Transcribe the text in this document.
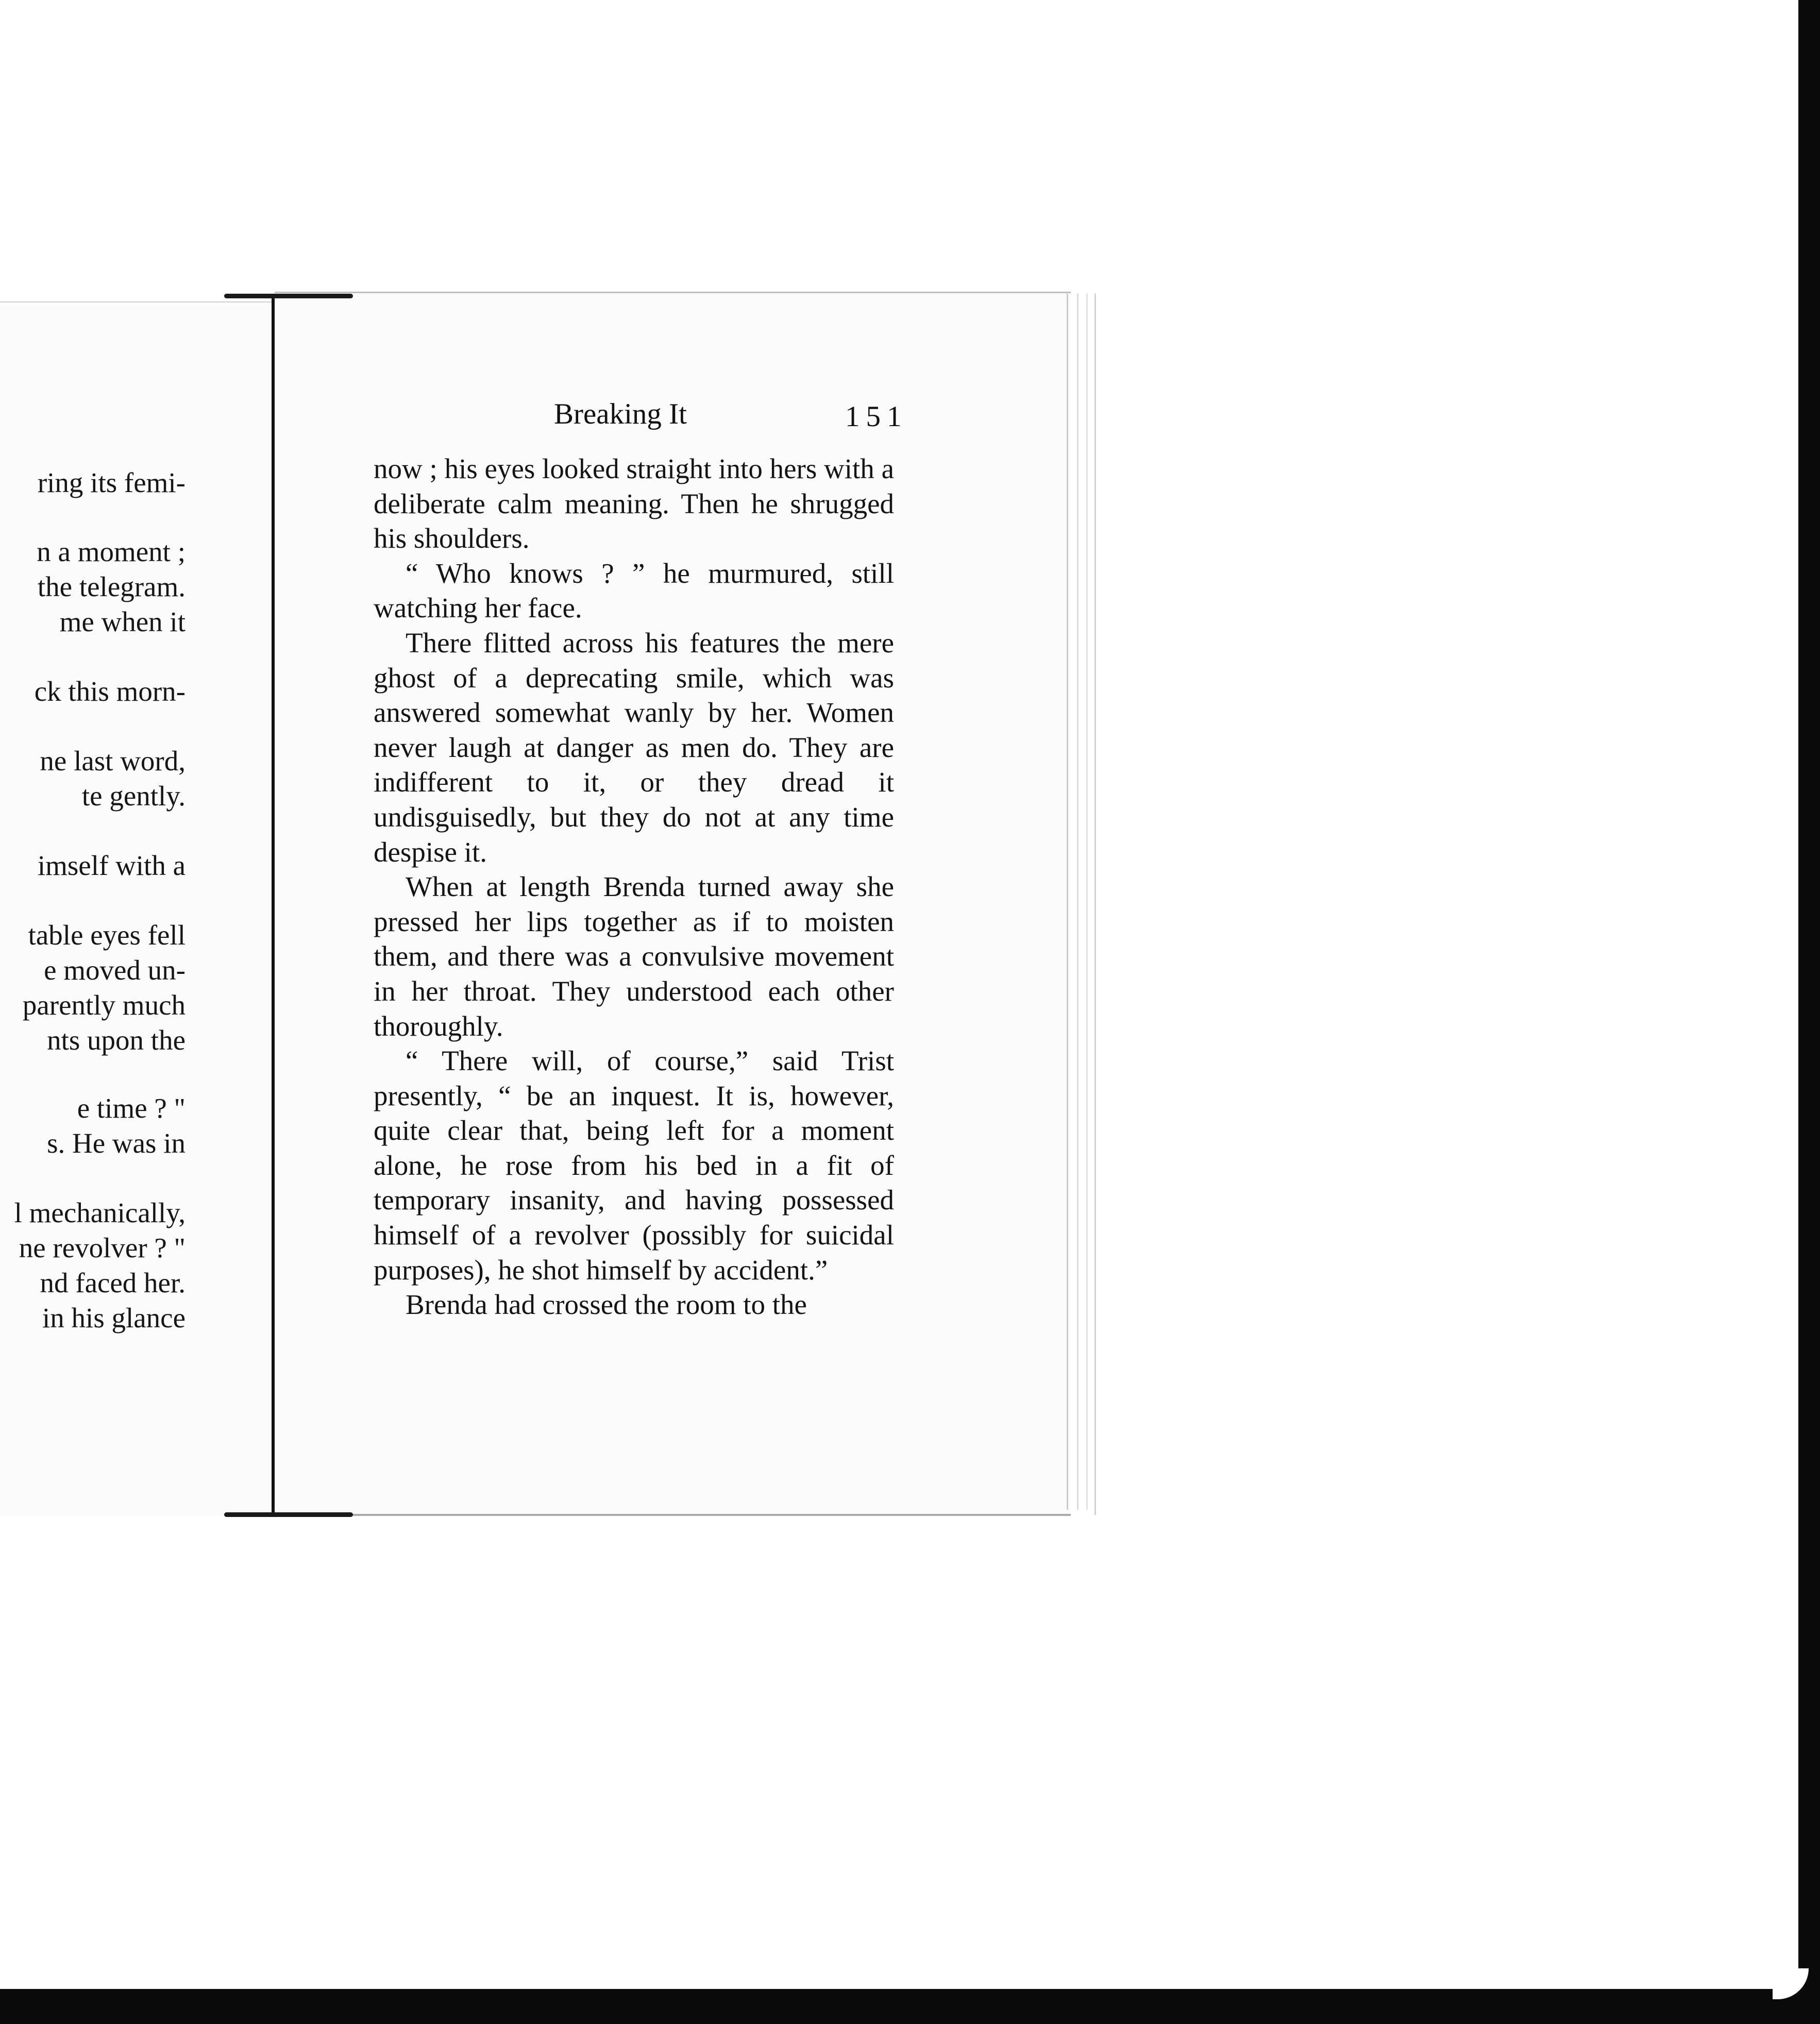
ring its femi-
n a moment ;
the telegram.
me when it
ck this morn-
ne last word,
te gently.
imself with a
table eyes fell
e moved un-
parently much
nts upon the
e time ? "
s. He was in
l mechanically,
ne revolver ? "
nd faced her.
in his glance
Breaking It	151

now ; his eyes looked straight into hers with a deliberate calm meaning. Then he shrugged his shoulders.

“ Who knows ? ” he murmured, still watching her face.

There flitted across his features the mere ghost of a deprecating smile, which was answered somewhat wanly by her. Women never laugh at danger as men do. They are indifferent to it, or they dread it undisguisedly, but they do not at any time despise it.

When at length Brenda turned away she pressed her lips together as if to moisten them, and there was a convulsive movement in her throat. They understood each other thoroughly.

“ There will, of course,” said Trist presently, “ be an inquest. It is, however, quite clear that, being left for a moment alone, he rose from his bed in a fit of temporary insanity, and having possessed himself of a revolver (possibly for suicidal purposes), he shot himself by accident.”

Brenda had crossed the room to the
